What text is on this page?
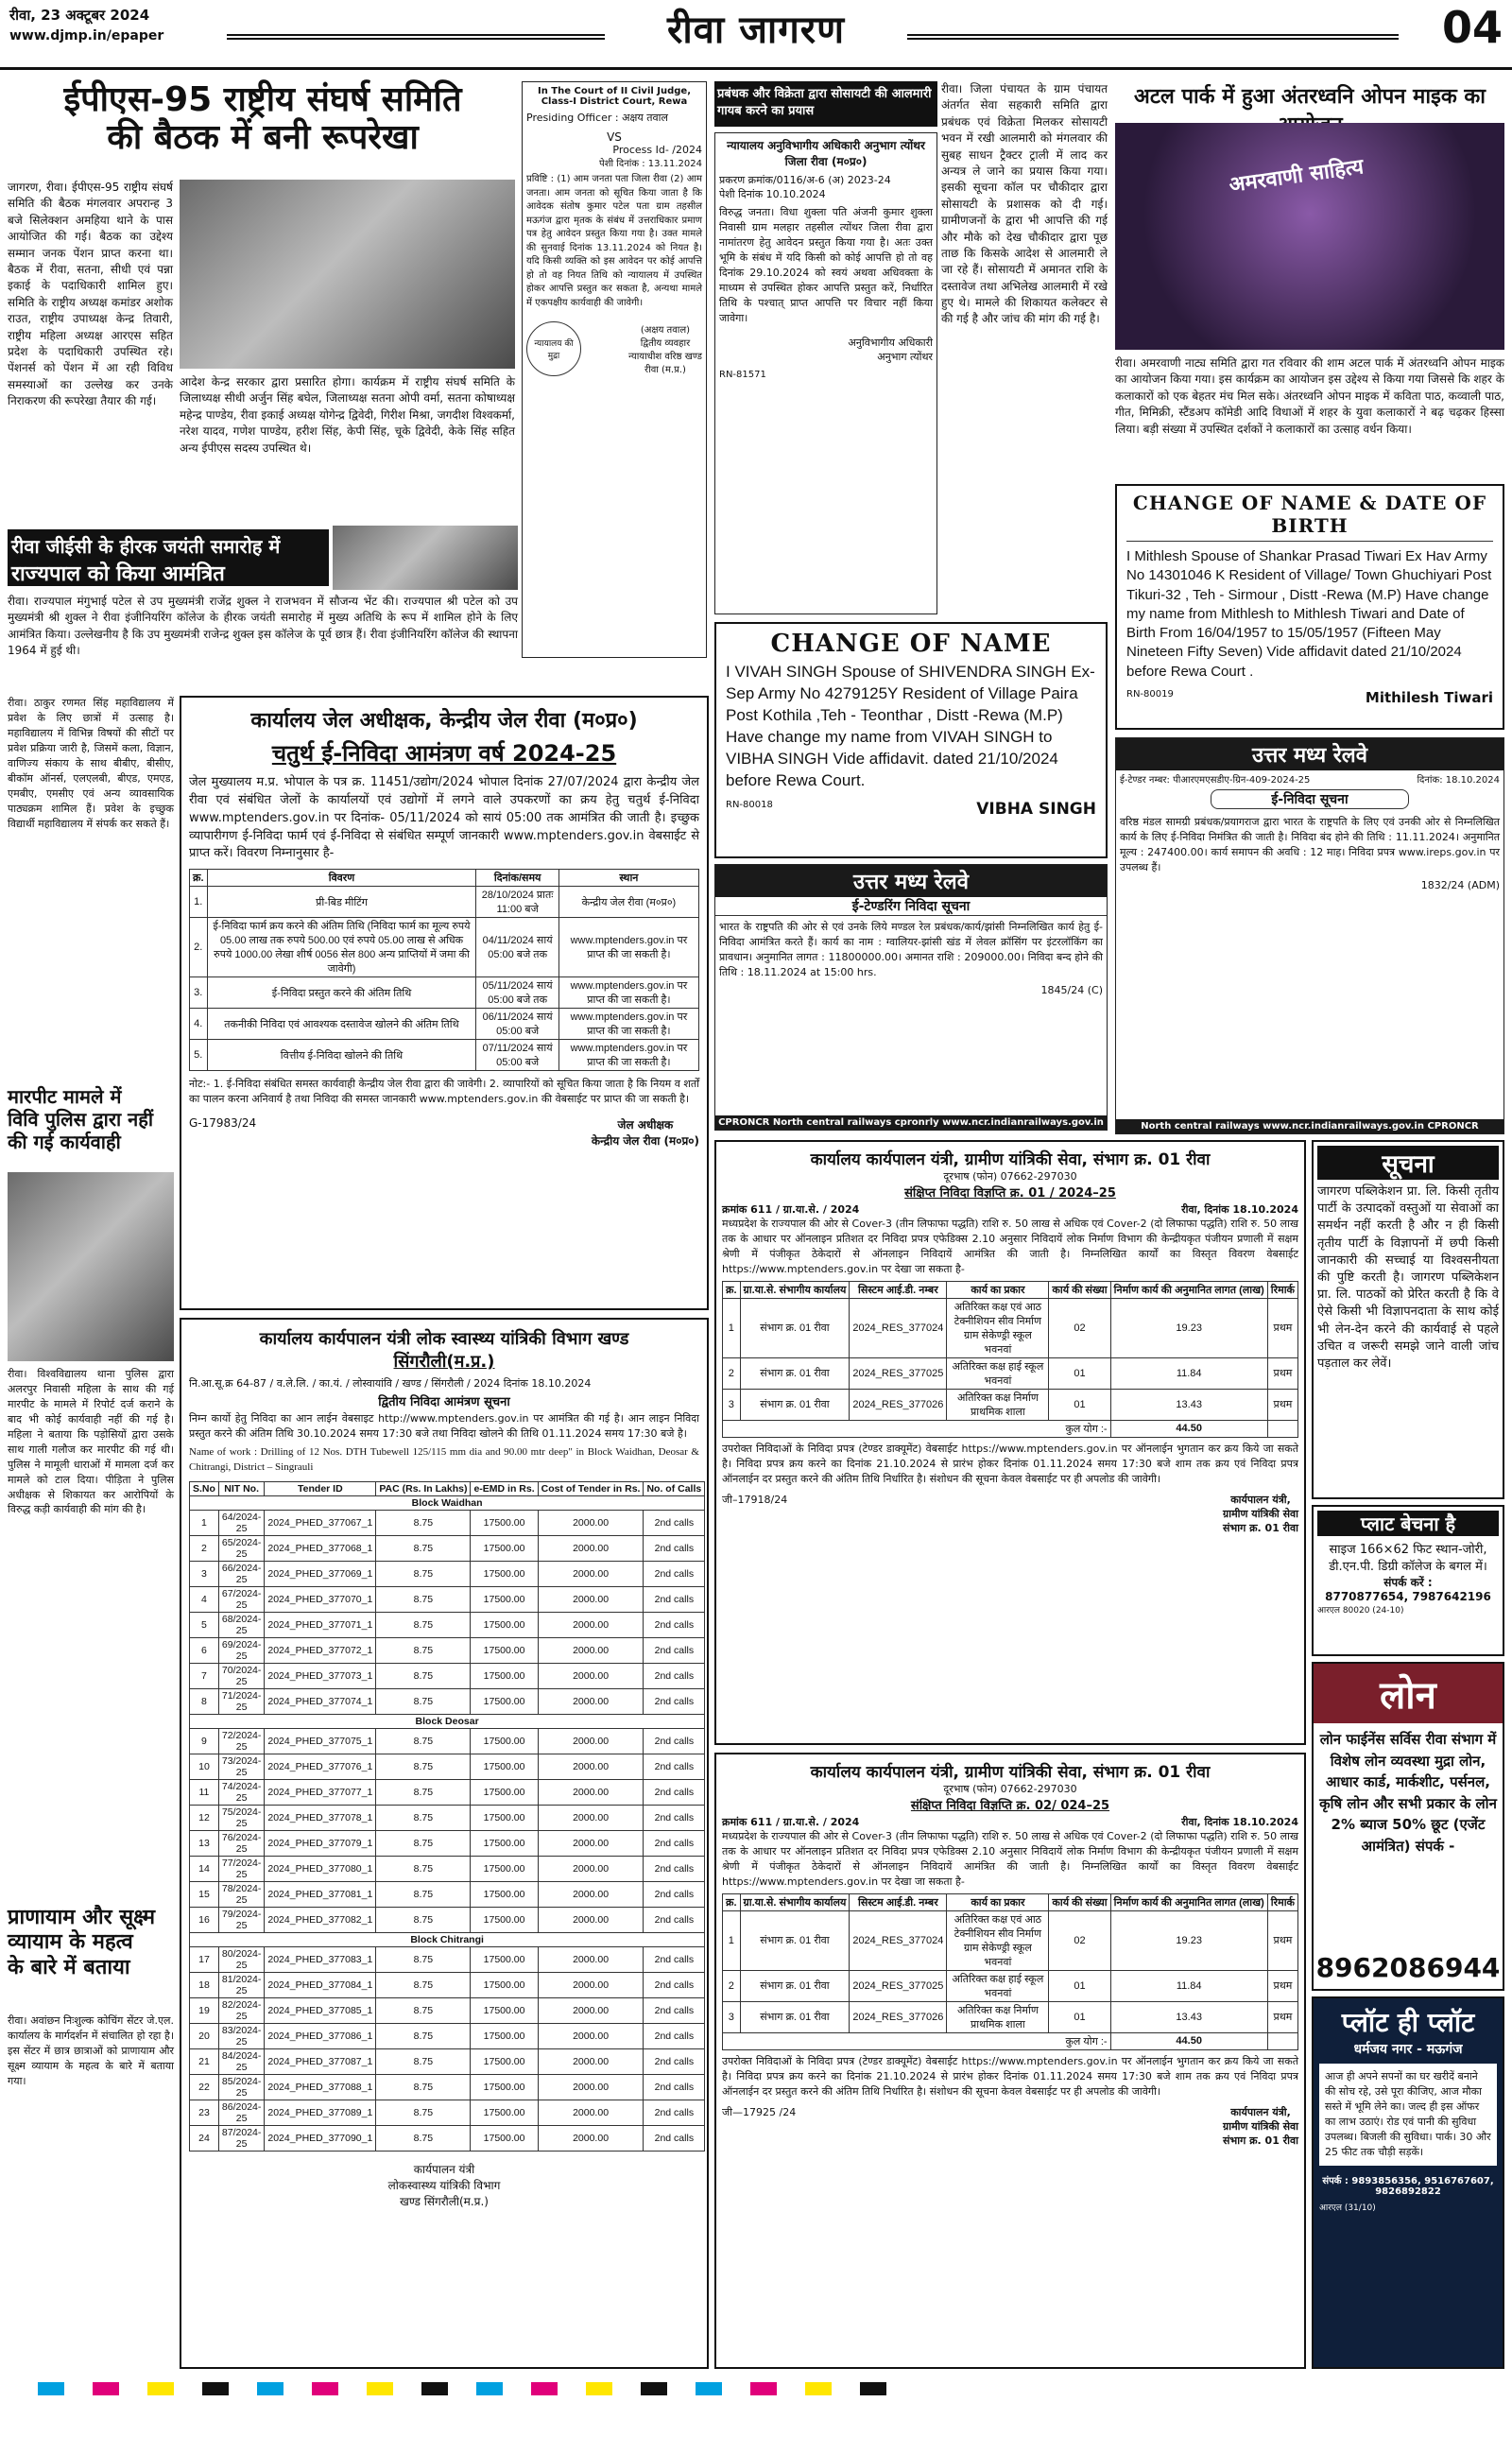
रीवा, 23 अक्टूबर 2024
www.djmp.in/epaper	रीवा जागरण	04
ईपीएस-95 राष्ट्रीय संघर्ष समिति
की बैठक में बनी रूपरेखा
जागरण, रीवा। ईपीएस-95 राष्ट्रीय संघर्ष समिति की बैठक मंगलवार अपरान्ह 3 बजे सिलेक्शन अमहिया थाने के पास आयोजित की गई। बैठक का उद्देश्य सम्मान जनक पेंशन प्राप्त करना था। बैठक में रीवा, सतना, सीधी एवं पन्ना इकाई के पदाधिकारी शामिल हुए। समिति के राष्ट्रीय अध्यक्ष कमांडर अशोक राउत, राष्ट्रीय उपाध्यक्ष केन्द्र तिवारी, राष्ट्रीय महिला अध्यक्ष आरएस सहित प्रदेश के पदाधिकारी उपस्थित रहे। पेंशनर्स को पेंशन में आ रही विविध समस्याओं का उल्लेख कर उनके निराकरण की रूपरेखा तैयार की गई।
आदेश केन्द्र सरकार द्वारा प्रसारित होगा। कार्यक्रम में राष्ट्रीय संघर्ष समिति के जिलाध्यक्ष सीधी अर्जुन सिंह बघेल, जिलाध्यक्ष सतना ओपी वर्मा, सतना कोषाध्यक्ष महेन्द्र पाण्डेय, रीवा इकाई अध्यक्ष योगेन्द्र द्विवेदी, गिरीश मिश्रा, जगदीश विश्वकर्मा, नरेश यादव, गणेश पाण्डेय, हरीश सिंह, केपी सिंह, चूके द्विवेदी, केके सिंह सहित अन्य ईपीएस सदस्य उपस्थित थे।
In The Court of II Civil Judge, Class-I District Court, Rewa
Presiding Officer : अक्षय तवाल
VS
Process Id- /2024
पेशी दिनांक : 13.11.2024
प्रविष्टि : (1) आम जनता पता जिला रीवा (2) आम जनता। आम जनता को सूचित किया जाता है कि आवेदक संतोष कुमार पटेल पता ग्राम तहसील मऊगंज द्वारा मृतक के संबंध में उत्तराधिकार प्रमाण पत्र हेतु आवेदन प्रस्तुत किया गया है। उक्त मामले की सुनवाई दिनांक 13.11.2024 को नियत है। यदि किसी व्यक्ति को इस आवेदन पर कोई आपत्ति हो तो वह नियत तिथि को न्यायालय में उपस्थित होकर आपत्ति प्रस्तुत कर सकता है, अन्यथा मामले में एकपक्षीय कार्यवाही की जावेगी।
न्यायालय की मुद्रा
(अक्षय तवाल)
द्वितीय व्यवहार
न्यायाधीश वरिष्ठ खण्ड
रीवा (म.प्र.)
रीवा जीईसी के हीरक जयंती समारोह में
राज्यपाल को किया आमंत्रित
रीवा। राज्यपाल मंगुभाई पटेल से उप मुख्यमंत्री राजेंद्र शुक्ल ने राजभवन में सौजन्य भेंट की। राज्यपाल श्री पटेल को उप मुख्यमंत्री श्री शुक्ल ने रीवा इंजीनियरिंग कॉलेज के हीरक जयंती समारोह में मुख्य अतिथि के रूप में शामिल होने के लिए आमंत्रित किया। उल्लेखनीय है कि उप मुख्यमंत्री राजेन्द्र शुक्ल इस कॉलेज के पूर्व छात्र हैं। रीवा इंजीनियरिंग कॉलेज की स्थापना 1964 में हुई थी।
प्रबंधक और विक्रेता द्वारा सोसायटी की आलमारी गायब करने का प्रयास
रीवा। जिला पंचायत के ग्राम पंचायत अंतर्गत सेवा सहकारी समिति द्वारा प्रबंधक एवं विक्रेता मिलकर सोसायटी भवन में रखी आलमारी को मंगलवार की सुबह साधन ट्रैक्टर ट्राली में लाद कर अन्यत्र ले जाने का प्रयास किया गया। इसकी सूचना कॉल पर चौकीदार द्वारा सोसायटी के प्रशासक को दी गई। ग्रामीणजनों के द्वारा भी आपत्ति की गई और मौके को देख चौकीदार द्वारा पूछ ताछ कि किसके आदेश से आलमारी ले जा रहे हैं। सोसायटी में अमानत राशि के दस्तावेज तथा अभिलेख आलमारी में रखे हुए थे। मामले की शिकायत कलेक्टर से की गई है और जांच की मांग की गई है।
न्यायालय अनुविभागीय अधिकारी अनुभाग त्योंथर जिला रीवा (म०प्र०)
प्रकरण क्रमांक/0116/अ-6 (अ) 2023-24
पेशी दिनांक 10.10.2024
विरुद्ध जनता। विधा शुक्ला पति अंजनी कुमार शुक्ला निवासी ग्राम मलहार तहसील त्योंथर जिला रीवा द्वारा नामांतरण हेतु आवेदन प्रस्तुत किया गया है। अतः उक्त भूमि के संबंध में यदि किसी को कोई आपत्ति हो तो वह दिनांक 29.10.2024 को स्वयं अथवा अधिवक्ता के माध्यम से उपस्थित होकर आपत्ति प्रस्तुत करें, निर्धारित तिथि के पश्चात् प्राप्त आपत्ति पर विचार नहीं किया जावेगा।
अनुविभागीय अधिकारी
अनुभाग त्योंथर
RN-81571
CHANGE OF NAME
I VIVAH SINGH Spouse of SHIVENDRA SINGH Ex-Sep Army No 4279125Y Resident of Village Paira Post Kothila ,Teh - Teonthar , Distt -Rewa (M.P) Have change my name from VIVAH SINGH to VIBHA SINGH Vide affidavit. dated 21/10/2024 before Rewa Court.
RN-80018	VIBHA SINGH
उत्तर मध्य रेलवे
ई-टेण्डरिंग निविदा सूचना
भारत के राष्ट्रपति की ओर से एवं उनके लिये मण्डल रेल प्रबंधक/कार्य/झांसी निम्नलिखित कार्य हेतु ई-निविदा आमंत्रित करते हैं। कार्य का नाम : ग्वालियर-झांसी खंड में लेवल क्रॉसिंग पर इंटरलॉकिंग का प्रावधान। अनुमानित लागत : 11800000.00। अमानत राशि : 209000.00। निविदा बन्द होने की तिथि : 18.11.2024 at 15:00 hrs.
1845/24 (C)
CPRONCR North central railways cpronrly www.ncr.indianrailways.gov.in
अटल पार्क में हुआ अंतरध्वनि ओपन माइक का
अमरवाणी साहित्य
रीवा। अमरवाणी नाट्य समिति द्वारा गत रविवार की शाम अटल पार्क में अंतरध्वनि ओपन माइक का आयोजन किया गया। इस कार्यक्रम का आयोजन इस उद्देश्य से किया गया जिससे कि शहर के कलाकारों को एक बेहतर मंच मिल सके। अंतरध्वनि ओपन माइक में कविता पाठ, कव्वाली पाठ, गीत, मिमिक्री, स्टैंडअप कॉमेडी आदि विधाओं में शहर के युवा कलाकारों ने बढ़ चढ़कर हिस्सा लिया। बड़ी संख्या में उपस्थित दर्शकों ने कलाकारों का उत्साह वर्धन किया।
CHANGE OF NAME & DATE OF BIRTH
I Mithlesh Spouse of Shankar Prasad Tiwari Ex Hav Army No 14301046 K Resident of Village/ Town Ghuchiyari Post Tikuri-32 , Teh - Sirmour , Distt -Rewa (M.P) Have change my name from Mithlesh to Mithlesh Tiwari and Date of Birth From 16/04/1957 to 15/05/1957 (Fifteen May Nineteen Fifty Seven) Vide affidavit dated 21/10/2024 before Rewa Court .
RN-80019	Mithilesh Tiwari
उत्तर मध्य रेलवे
ई-टेण्डर नम्बर: पीआरएमएसडीए-ग्रिन-409-2024-25	दिनांक: 18.10.2024
ई-निविदा सूचना
वरिष्ठ मंडल सामग्री प्रबंधक/प्रयागराज द्वारा भारत के राष्ट्रपति के लिए एवं उनकी ओर से निम्नलिखित कार्य के लिए ई-निविदा निमंत्रित की जाती है। निविदा बंद होने की तिथि : 11.11.2024। अनुमानित मूल्य : 247400.00। कार्य समापन की अवधि : 12 माह। निविदा प्रपत्र www.ireps.gov.in पर उपलब्ध हैं।
1832/24 (ADM)
North central railways www.ncr.indianrailways.gov.in CPRONCR
कार्यालय जेल अधीक्षक, केन्द्रीय जेल रीवा (म०प्र०)
चतुर्थ ई-निविदा आमंत्रण वर्ष 2024-25
जेल मुख्यालय म.प्र. भोपाल के पत्र क्र. 11451/उद्योग/2024 भोपाल दिनांक 27/07/2024 द्वारा केन्द्रीय जेल रीवा एवं संबंधित जेलों के कार्यालयों एवं उद्योगों में लगने वाले उपकरणों का क्रय हेतु चतुर्थ ई-निविदा www.mptenders.gov.in पर दिनांक- 05/11/2024 को सायं 05:00 तक आमंत्रित की जाती है। इच्छुक व्यापारीगण ई-निविदा फार्म एवं ई-निविदा से संबंधित सम्पूर्ण जानकारी www.mptenders.gov.in वेबसाईट से प्राप्त करें। विवरण निम्नानुसार है-
क्र.	विवरण	दिनांक/समय	स्थान
1.	प्री-बिड मीटिंग	28/10/2024 प्रातः 11:00 बजे	केन्द्रीय जेल रीवा (म०प्र०)
2.	ई-निविदा फार्म क्रय करने की अंतिम तिथि (निविदा फार्म का मूल्य रुपये 05.00 लाख तक रुपये 500.00 एवं रुपये 05.00 लाख से अधिक रुपये 1000.00 लेखा शीर्ष 0056 सेल 800 अन्य प्राप्तियों में जमा की जावेगी)	04/11/2024 सायं 05:00 बजे तक	www.mptenders.gov.in पर प्राप्त की जा सकती है।
3.	ई-निविदा प्रस्तुत करने की अंतिम तिथि	05/11/2024 सायं 05:00 बजे तक	www.mptenders.gov.in पर प्राप्त की जा सकती है।
4.	तकनीकी निविदा एवं आवश्यक दस्तावेज खोलने की अंतिम तिथि	06/11/2024 सायं 05:00 बजे	www.mptenders.gov.in पर प्राप्त की जा सकती है।
5.	वित्तीय ई-निविदा खोलने की तिथि	07/11/2024 सायं 05:00 बजे	www.mptenders.gov.in पर प्राप्त की जा सकती है।
नोट:- 1. ई-निविदा संबंधित समस्त कार्यवाही केन्द्रीय जेल रीवा द्वारा की जावेगी। 2. व्यापारियों को सूचित किया जाता है कि नियम व शर्तों का पालन करना अनिवार्य है तथा निविदा की समस्त जानकारी www.mptenders.gov.in की वेबसाईट पर प्राप्त की जा सकती है।
G-17983/24	जेल अधीक्षक
केन्द्रीय जेल रीवा (म०प्र०)
रीवा। ठाकुर रणमत सिंह महाविद्यालय में प्रवेश के लिए छात्रों में उत्साह है। महाविद्यालय में विभिन्न विषयों की सीटों पर प्रवेश प्रक्रिया जारी है, जिसमें कला, विज्ञान, वाणिज्य संकाय के साथ बीबीए, बीसीए, बीकॉम ऑनर्स, एलएलबी, बीएड, एमएड, एमबीए, एमसीए एवं अन्य व्यावसायिक पाठ्यक्रम शामिल हैं। प्रवेश के इच्छुक विद्यार्थी महाविद्यालय में संपर्क कर सकते हैं।
मारपीट मामले में
विवि पुलिस द्वारा नहीं
की गई कार्यवाही
रीवा। विश्वविद्यालय थाना पुलिस द्वारा अलरपुर निवासी महिला के साथ की गई मारपीट के मामले में रिपोर्ट दर्ज कराने के बाद भी कोई कार्यवाही नहीं की गई है। महिला ने बताया कि पड़ोसियों द्वारा उसके साथ गाली गलौज कर मारपीट की गई थी। पुलिस ने मामूली धाराओं में मामला दर्ज कर मामले को टाल दिया। पीड़िता ने पुलिस अधीक्षक से शिकायत कर आरोपियों के विरुद्ध कड़ी कार्यवाही की मांग की है।
प्राणायाम और सूक्ष्म
व्यायाम के महत्व
के बारे में बताया
रीवा। अवांछन निःशुल्क कोचिंग सेंटर जे.एल. कार्यालय के मार्गदर्शन में संचालित हो रहा है। इस सेंटर में छात्र छात्राओं को प्राणायाम और सूक्ष्म व्यायाम के महत्व के बारे में बताया गया।
कार्यालय कार्यपालन यंत्री लोक स्वास्थ्य यांत्रिकी विभाग खण्ड
सिंगरौली(म.प्र.)
नि.आ.सू.क्र 64-87 / व.ले.लि. / का.यं. / लोस्वायांवि / खण्ड / सिंगरौली / 2024 दिनांक 18.10.2024
द्वितीय निविदा आमंत्रण सूचना
निम्न कार्यो हेतु निविदा का आन लाईन वेबसाइट http://www.mptenders.gov.in पर आमंत्रित की गई है। आन लाइन निविदा प्रस्तुत करने की अंतिम तिथि 30.10.2024 समय 17:30 बजे तथा निविदा खोलने की तिथि 01.11.2024 समय 17:30 बजे है।
Name of work : Drilling of 12 Nos. DTH Tubewell 125/115 mm dia and 90.00 mtr deep" in Block Waidhan, Deosar & Chitrangi, District – Singrauli
S.No	NIT No.	Tender ID	PAC (Rs. In Lakhs)	e-EMD in Rs.	Cost of Tender in Rs.	No. of Calls
Block Waidhan						
1	64/2024-25	2024_PHED_377067_1	8.75	17500.00	2000.00	2nd calls
2	65/2024-25	2024_PHED_377068_1	8.75	17500.00	2000.00	2nd calls
3	66/2024-25	2024_PHED_377069_1	8.75	17500.00	2000.00	2nd calls
4	67/2024-25	2024_PHED_377070_1	8.75	17500.00	2000.00	2nd calls
5	68/2024-25	2024_PHED_377071_1	8.75	17500.00	2000.00	2nd calls
6	69/2024-25	2024_PHED_377072_1	8.75	17500.00	2000.00	2nd calls
7	70/2024-25	2024_PHED_377073_1	8.75	17500.00	2000.00	2nd calls
8	71/2024-25	2024_PHED_377074_1	8.75	17500.00	2000.00	2nd calls
Block Deosar						
9	72/2024-25	2024_PHED_377075_1	8.75	17500.00	2000.00	2nd calls
10	73/2024-25	2024_PHED_377076_1	8.75	17500.00	2000.00	2nd calls
11	74/2024-25	2024_PHED_377077_1	8.75	17500.00	2000.00	2nd calls
12	75/2024-25	2024_PHED_377078_1	8.75	17500.00	2000.00	2nd calls
13	76/2024-25	2024_PHED_377079_1	8.75	17500.00	2000.00	2nd calls
14	77/2024-25	2024_PHED_377080_1	8.75	17500.00	2000.00	2nd calls
15	78/2024-25	2024_PHED_377081_1	8.75	17500.00	2000.00	2nd calls
16	79/2024-25	2024_PHED_377082_1	8.75	17500.00	2000.00	2nd calls
Block Chitrangi						
17	80/2024-25	2024_PHED_377083_1	8.75	17500.00	2000.00	2nd calls
18	81/2024-25	2024_PHED_377084_1	8.75	17500.00	2000.00	2nd calls
19	82/2024-25	2024_PHED_377085_1	8.75	17500.00	2000.00	2nd calls
20	83/2024-25	2024_PHED_377086_1	8.75	17500.00	2000.00	2nd calls
21	84/2024-25	2024_PHED_377087_1	8.75	17500.00	2000.00	2nd calls
22	85/2024-25	2024_PHED_377088_1	8.75	17500.00	2000.00	2nd calls
23	86/2024-25	2024_PHED_377089_1	8.75	17500.00	2000.00	2nd calls
24	87/2024-25	2024_PHED_377090_1	8.75	17500.00	2000.00	2nd calls
कार्यपालन यंत्री
लोकस्वास्थ्य यांत्रिकी विभाग
खण्ड सिंगरौली(म.प्र.)
कार्यालय कार्यपालन यंत्री, ग्रामीण यांत्रिकी सेवा, संभाग क्र. 01 रीवा
दूरभाष (फोन) 07662-297030
संक्षिप्त निविदा विज्ञप्ति क्र. 01 / 2024–25
क्रमांक 611 / ग्रा.या.से. / 2024	रीवा, दिनांक 18.10.2024
मध्यप्रदेश के राज्यपाल की ओर से Cover-3 (तीन लिफाफा पद्धति) राशि रु. 50 लाख से अधिक एवं Cover-2 (दो लिफाफा पद्धति) राशि रु. 50 लाख तक के आधार पर ऑनलाइन प्रतिशत दर निविदा प्रपत्र एफेडिक्स 2.10 अनुसार निविदायें लोक निर्माण विभाग की केन्द्रीयकृत पंजीयन प्रणाली में सक्षम श्रेणी में पंजीकृत ठेकेदारों से ऑनलाइन निविदायें आमंत्रित की जाती है। निम्नलिखित कार्यों का विस्तृत विवरण वेबसाईट https://www.mptenders.gov.in पर देखा जा सकता है-
क्र.	ग्रा.या.से. संभागीय कार्यालय	सिस्टम आई.डी. नम्बर	कार्य का प्रकार	कार्य की संख्या	निर्माण कार्य की अनुमानित लागत (लाख)	रिमार्क
1	संभाग क्र. 01 रीवा	2024_RES_377024	अतिरिक्त कक्ष एवं आठ टेक्नीशियन सीव निर्माण ग्राम सेकेण्ड्री स्कूल भवनवां	02	19.23	प्रथम
2	संभाग क्र. 01 रीवा	2024_RES_377025	अतिरिक्त कक्ष हाई स्कूल भवनवां	01	11.84	प्रथम
3	संभाग क्र. 01 रीवा	2024_RES_377026	अतिरिक्त कक्ष निर्माण प्राथमिक शाला	01	13.43	प्रथम
कुल योग :-					44.50	
उपरोक्त निविदाओं के निविदा प्रपत्र (टेण्डर डाक्यूमेंट) वेबसाईट https://www.mptenders.gov.in पर ऑनलाईन भुगतान कर क्रय किये जा सकते है। निविदा प्रपत्र क्रय करने का दिनांक 21.10.2024 से प्रारंभ होकर दिनांक 01.11.2024 समय 17:30 बजे शाम तक क्रय एवं निविदा प्रपत्र ऑनलाईन दर प्रस्तुत करने की अंतिम तिथि निर्धारित है। संशोधन की सूचना केवल वेबसाईट पर ही अपलोड की जावेगी।
जी–17918/24	कार्यपालन यंत्री,
ग्रामीण यांत्रिकी सेवा
संभाग क्र. 01 रीवा
कार्यालय कार्यपालन यंत्री, ग्रामीण यांत्रिकी सेवा, संभाग क्र. 01 रीवा
दूरभाष (फोन) 07662-297030
संक्षिप्त निविदा विज्ञप्ति क्र. 02/ 024–25
क्रमांक 611 / ग्रा.या.से. / 2024	रीवा, दिनांक 18.10.2024
मध्यप्रदेश के राज्यपाल की ओर से Cover-3 (तीन लिफाफा पद्धति) राशि रु. 50 लाख से अधिक एवं Cover-2 (दो लिफाफा पद्धति) राशि रु. 50 लाख तक के आधार पर ऑनलाइन प्रतिशत दर निविदा प्रपत्र एफेडिक्स 2.10 अनुसार निविदायें लोक निर्माण विभाग की केन्द्रीयकृत पंजीयन प्रणाली में सक्षम श्रेणी में पंजीकृत ठेकेदारों से ऑनलाइन निविदायें आमंत्रित की जाती है। निम्नलिखित कार्यों का विस्तृत विवरण वेबसाईट https://www.mptenders.gov.in पर देखा जा सकता है-
क्र.	ग्रा.या.से. संभागीय कार्यालय	सिस्टम आई.डी. नम्बर	कार्य का प्रकार	कार्य की संख्या	निर्माण कार्य की अनुमानित लागत (लाख)	रिमार्क
1	संभाग क्र. 01 रीवा	2024_RES_377024	अतिरिक्त कक्ष एवं आठ टेक्नीशियन सीव निर्माण ग्राम सेकेण्ड्री स्कूल भवनवां	02	19.23	प्रथम
2	संभाग क्र. 01 रीवा	2024_RES_377025	अतिरिक्त कक्ष हाई स्कूल भवनवां	01	11.84	प्रथम
3	संभाग क्र. 01 रीवा	2024_RES_377026	अतिरिक्त कक्ष निर्माण प्राथमिक शाला	01	13.43	प्रथम
कुल योग :-					44.50	
उपरोक्त निविदाओं के निविदा प्रपत्र (टेण्डर डाक्यूमेंट) वेबसाईट https://www.mptenders.gov.in पर ऑनलाईन भुगतान कर क्रय किये जा सकते है। निविदा प्रपत्र क्रय करने का दिनांक 21.10.2024 से प्रारंभ होकर दिनांक 01.11.2024 समय 17:30 बजे शाम तक क्रय एवं निविदा प्रपत्र ऑनलाईन दर प्रस्तुत करने की अंतिम तिथि निर्धारित है। संशोधन की सूचना केवल वेबसाईट पर ही अपलोड की जावेगी।
जी—17925 /24	कार्यपालन यंत्री,
ग्रामीण यांत्रिकी सेवा
संभाग क्र. 01 रीवा
सूचना
जागरण पब्लिकेशन प्रा. लि. किसी तृतीय पार्टी के उत्पादकों वस्तुओं या सेवाओं का समर्थन नहीं करती है और न ही किसी तृतीय पार्टी के विज्ञापनों में छपी किसी जानकारी की सच्चाई या विश्वसनीयता की पुष्टि करती है। जागरण पब्लिकेशन प्रा. लि. पाठकों को प्रेरित करती है कि वे ऐसे किसी भी विज्ञापनदाता के साथ कोई भी लेन-देन करने की कार्यवाई से पहले उचित व जरूरी समझे जाने वाली जांच पड़ताल कर लेवें।
प्लाट बेचना है
साइज 166×62 फिट स्थान-जोरी, डी.एन.पी. डिग्री कॉलेज के बगल में।
संपर्क करें :
8770877654, 7987642196
आरएल 80020 (24-10)
लोन
लोन फाईनेंस सर्विस रीवा संभाग में विशेष लोन व्यवस्था मुद्रा लोन, आधार कार्ड, मार्कशीट, पर्सनल, कृषि लोन और सभी प्रकार के लोन 2% ब्याज 50% छूट (एजेंट आमंत्रित) संपर्क -
8962086944
प्लॉट ही प्लॉट
धर्मजय नगर - मऊगंज
आज ही अपने सपनों का घर खरीदें बनाने की सोच रहे, उसे पूरा कीजिए, आज मौका सस्ते में भूमि लेने का। जल्द ही इस ऑफर का लाभ उठाएं। रोड एवं पानी की सुविधा उपलब्ध। बिजली की सुविधा। पार्क। 30 और 25 फीट तक चौड़ी सड़कें।
संपर्क : 9893856356, 9516767607, 9826892822
आरएल (31/10)
